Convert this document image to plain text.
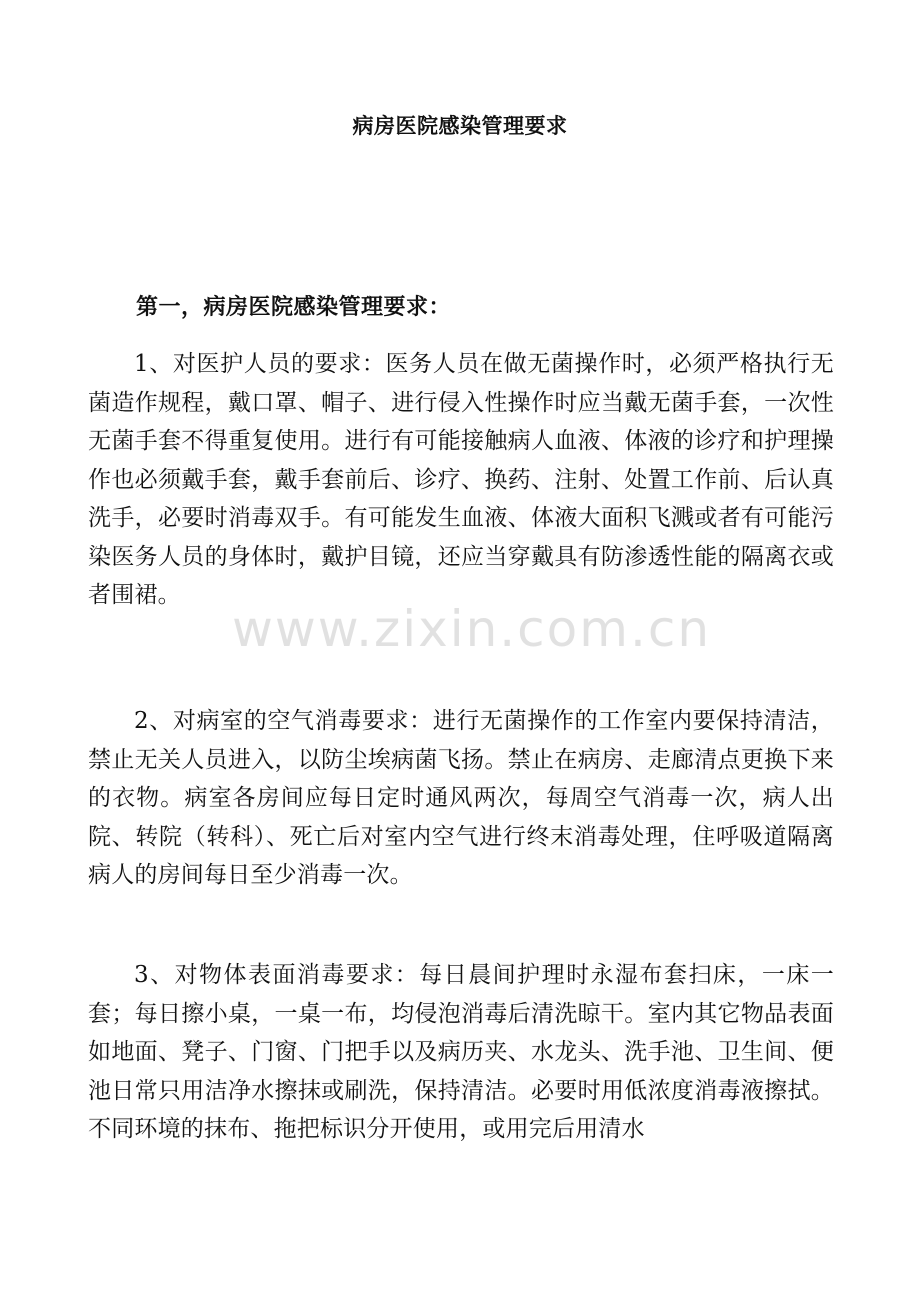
病房医院感染管理要求
第一，病房医院感染管理要求：

1、对医护人员的要求：医务人员在做无菌操作时，必须严格执行无菌造作规程，戴口罩、帽子、进行侵入性操作时应当戴无菌手套，一次性无菌手套不得重复使用。进行有可能接触病人血液、体液的诊疗和护理操作也必须戴手套，戴手套前后、诊疗、换药、注射、处置工作前、后认真洗手，必要时消毒双手。有可能发生血液、体液大面积飞溅或者有可能污染医务人员的身体时，戴护目镜，还应当穿戴具有防渗透性能的隔离衣或者围裙。

2、对病室的空气消毒要求：进行无菌操作的工作室内要保持清洁，禁止无关人员进入，以防尘埃病菌飞扬。禁止在病房、走廊清点更换下来的衣物。病室各房间应每日定时通风两次，每周空气消毒一次，病人出院、转院（转科）、死亡后对室内空气进行终末消毒处理，住呼吸道隔离病人的房间每日至少消毒一次。

3、对物体表面消毒要求：每日晨间护理时永湿布套扫床，一床一套；每日擦小桌，一桌一布，均侵泡消毒后清洗晾干。室内其它物品表面如地面、凳子、门窗、门把手以及病历夹、水龙头、洗手池、卫生间、便池日常只用洁净水擦抹或刷洗，保持清洁。必要时用低浓度消毒液擦拭。不同环境的抹布、拖把标识分开使用，或用完后用清水

www.zixin.com.cn
